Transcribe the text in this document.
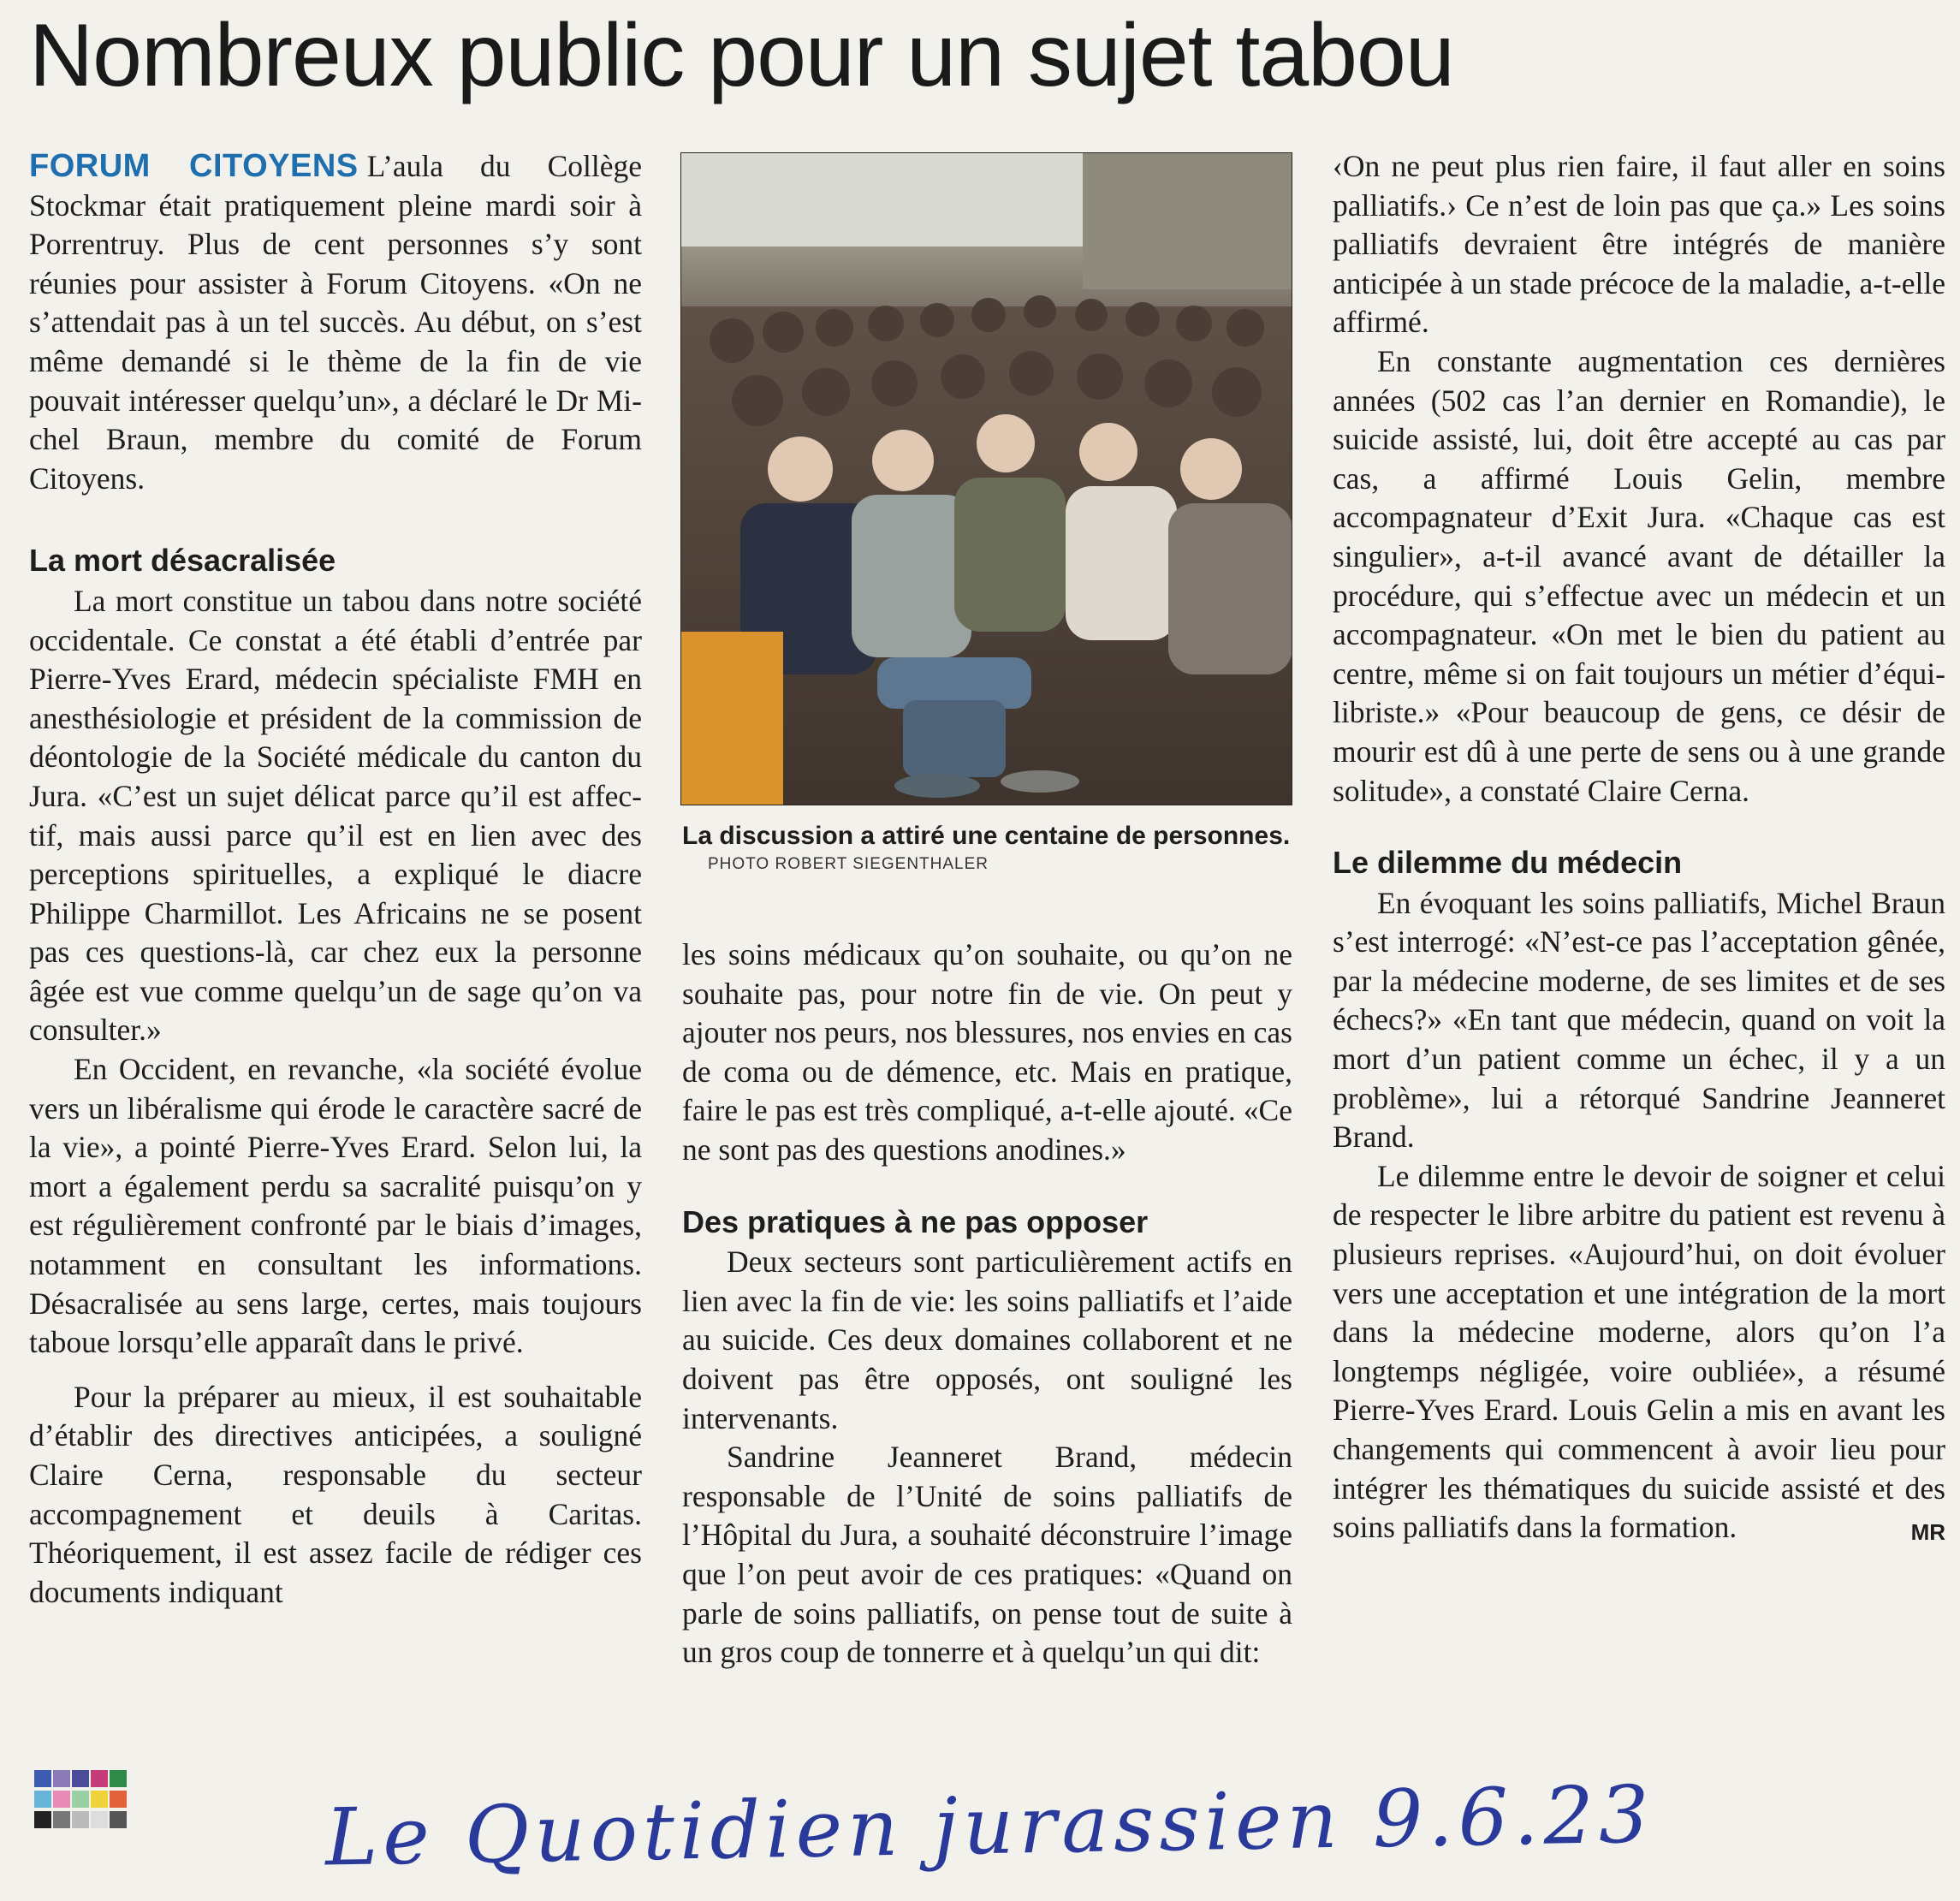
Nombreux public pour un sujet tabou

FORUM CITOYENS L’aula du Collège Stockmar était pratiquement pleine mardi soir à Porrentruy. Plus de cent personnes s’y sont réunies pour assister à Forum Citoyens. «On ne s’attendait pas à un tel succès. Au début, on s’est même demandé si le thème de la fin de vie pouvait intéresser quelqu’un», a déclaré le Dr Michel Braun, membre du comité de Forum Citoyens.

La mort désacralisée

La mort constitue un tabou dans notre société occidentale. Ce constat a été établi d’entrée par Pierre-Yves Erard, médecin spécialiste FMH en anesthésiologie et président de la commission de déontologie de la Société médicale du canton du Jura. «C’est un sujet délicat parce qu’il est affectif, mais aussi parce qu’il est en lien avec des perceptions spirituelles, a expliqué le diacre Philippe Charmillot. Les Africains ne se posent pas ces questions-là, car chez eux la personne âgée est vue comme quelqu’un de sage qu’on va consulter.»

En Occident, en revanche, «la société évolue vers un libéralisme qui érode le caractère sacré de la vie», a pointé Pierre-Yves Erard. Selon lui, la mort a également perdu sa sacralité puisqu’on y est régulièrement confronté par le biais d’images, notamment en consultant les informations. Désacralisée au sens large, certes, mais toujours taboue lorsqu’elle apparaît dans le privé.

Pour la préparer au mieux, il est souhaitable d’établir des directives anticipées, a souligné Claire Cerna, responsable du secteur accompagnement et deuils à Caritas. Théoriquement, il est assez facile de rédiger ces documents indiquant

La discussion a attiré une centaine de personnes. PHOTO ROBERT SIEGENTHALER

les soins médicaux qu’on souhaite, ou qu’on ne souhaite pas, pour notre fin de vie. On peut y ajouter nos peurs, nos blessures, nos envies en cas de coma ou de démence, etc. Mais en pratique, faire le pas est très compliqué, a-t-elle ajouté. «Ce ne sont pas des questions anodines.»

Des pratiques à ne pas opposer

Deux secteurs sont particulièrement actifs en lien avec la fin de vie: les soins palliatifs et l’aide au suicide. Ces deux domaines collaborent et ne doivent pas être opposés, ont souligné les intervenants.

Sandrine Jeanneret Brand, médecin responsable de l’Unité de soins palliatifs de l’Hôpital du Jura, a souhaité déconstruire l’image que l’on peut avoir de ces pratiques: «Quand on parle de soins palliatifs, on pense tout de suite à un gros coup de tonnerre et à quelqu’un qui dit:

‹On ne peut plus rien faire, il faut aller en soins palliatifs.› Ce n’est de loin pas que ça.» Les soins palliatifs devraient être intégrés de manière anticipée à un stade précoce de la maladie, a-t-elle affirmé.

En constante augmentation ces dernières années (502 cas l’an dernier en Romandie), le suicide assisté, lui, doit être accepté au cas par cas, a affirmé Louis Gelin, membre accompagnateur d’Exit Jura. «Chaque cas est singulier», a-t-il avancé avant de détailler la procédure, qui s’effectue avec un médecin et un accompagnateur. «On met le bien du patient au centre, même si on fait toujours un métier d’équilibriste.» «Pour beaucoup de gens, ce désir de mourir est dû à une perte de sens ou à une grande solitude», a constaté Claire Cerna.

Le dilemme du médecin

En évoquant les soins palliatifs, Michel Braun s’est interrogé: «N’est-ce pas l’acceptation gênée, par la médecine moderne, de ses limites et de ses échecs?» «En tant que médecin, quand on voit la mort d’un patient comme un échec, il y a un problème», lui a rétorqué Sandrine Jeanneret Brand.

Le dilemme entre le devoir de soigner et celui de respecter le libre arbitre du patient est revenu à plusieurs reprises. «Aujourd’hui, on doit évoluer vers une acceptation et une intégration de la mort dans la médecine moderne, alors qu’on l’a longtemps négligée, voire oubliée», a résumé Pierre-Yves Erard. Louis Gelin a mis en avant les changements qui commencent à avoir lieu pour intégrer les thématiques du suicide assisté et des soins palliatifs dans la formation.	MR

Le Quotidien jurassien 9.6.23
